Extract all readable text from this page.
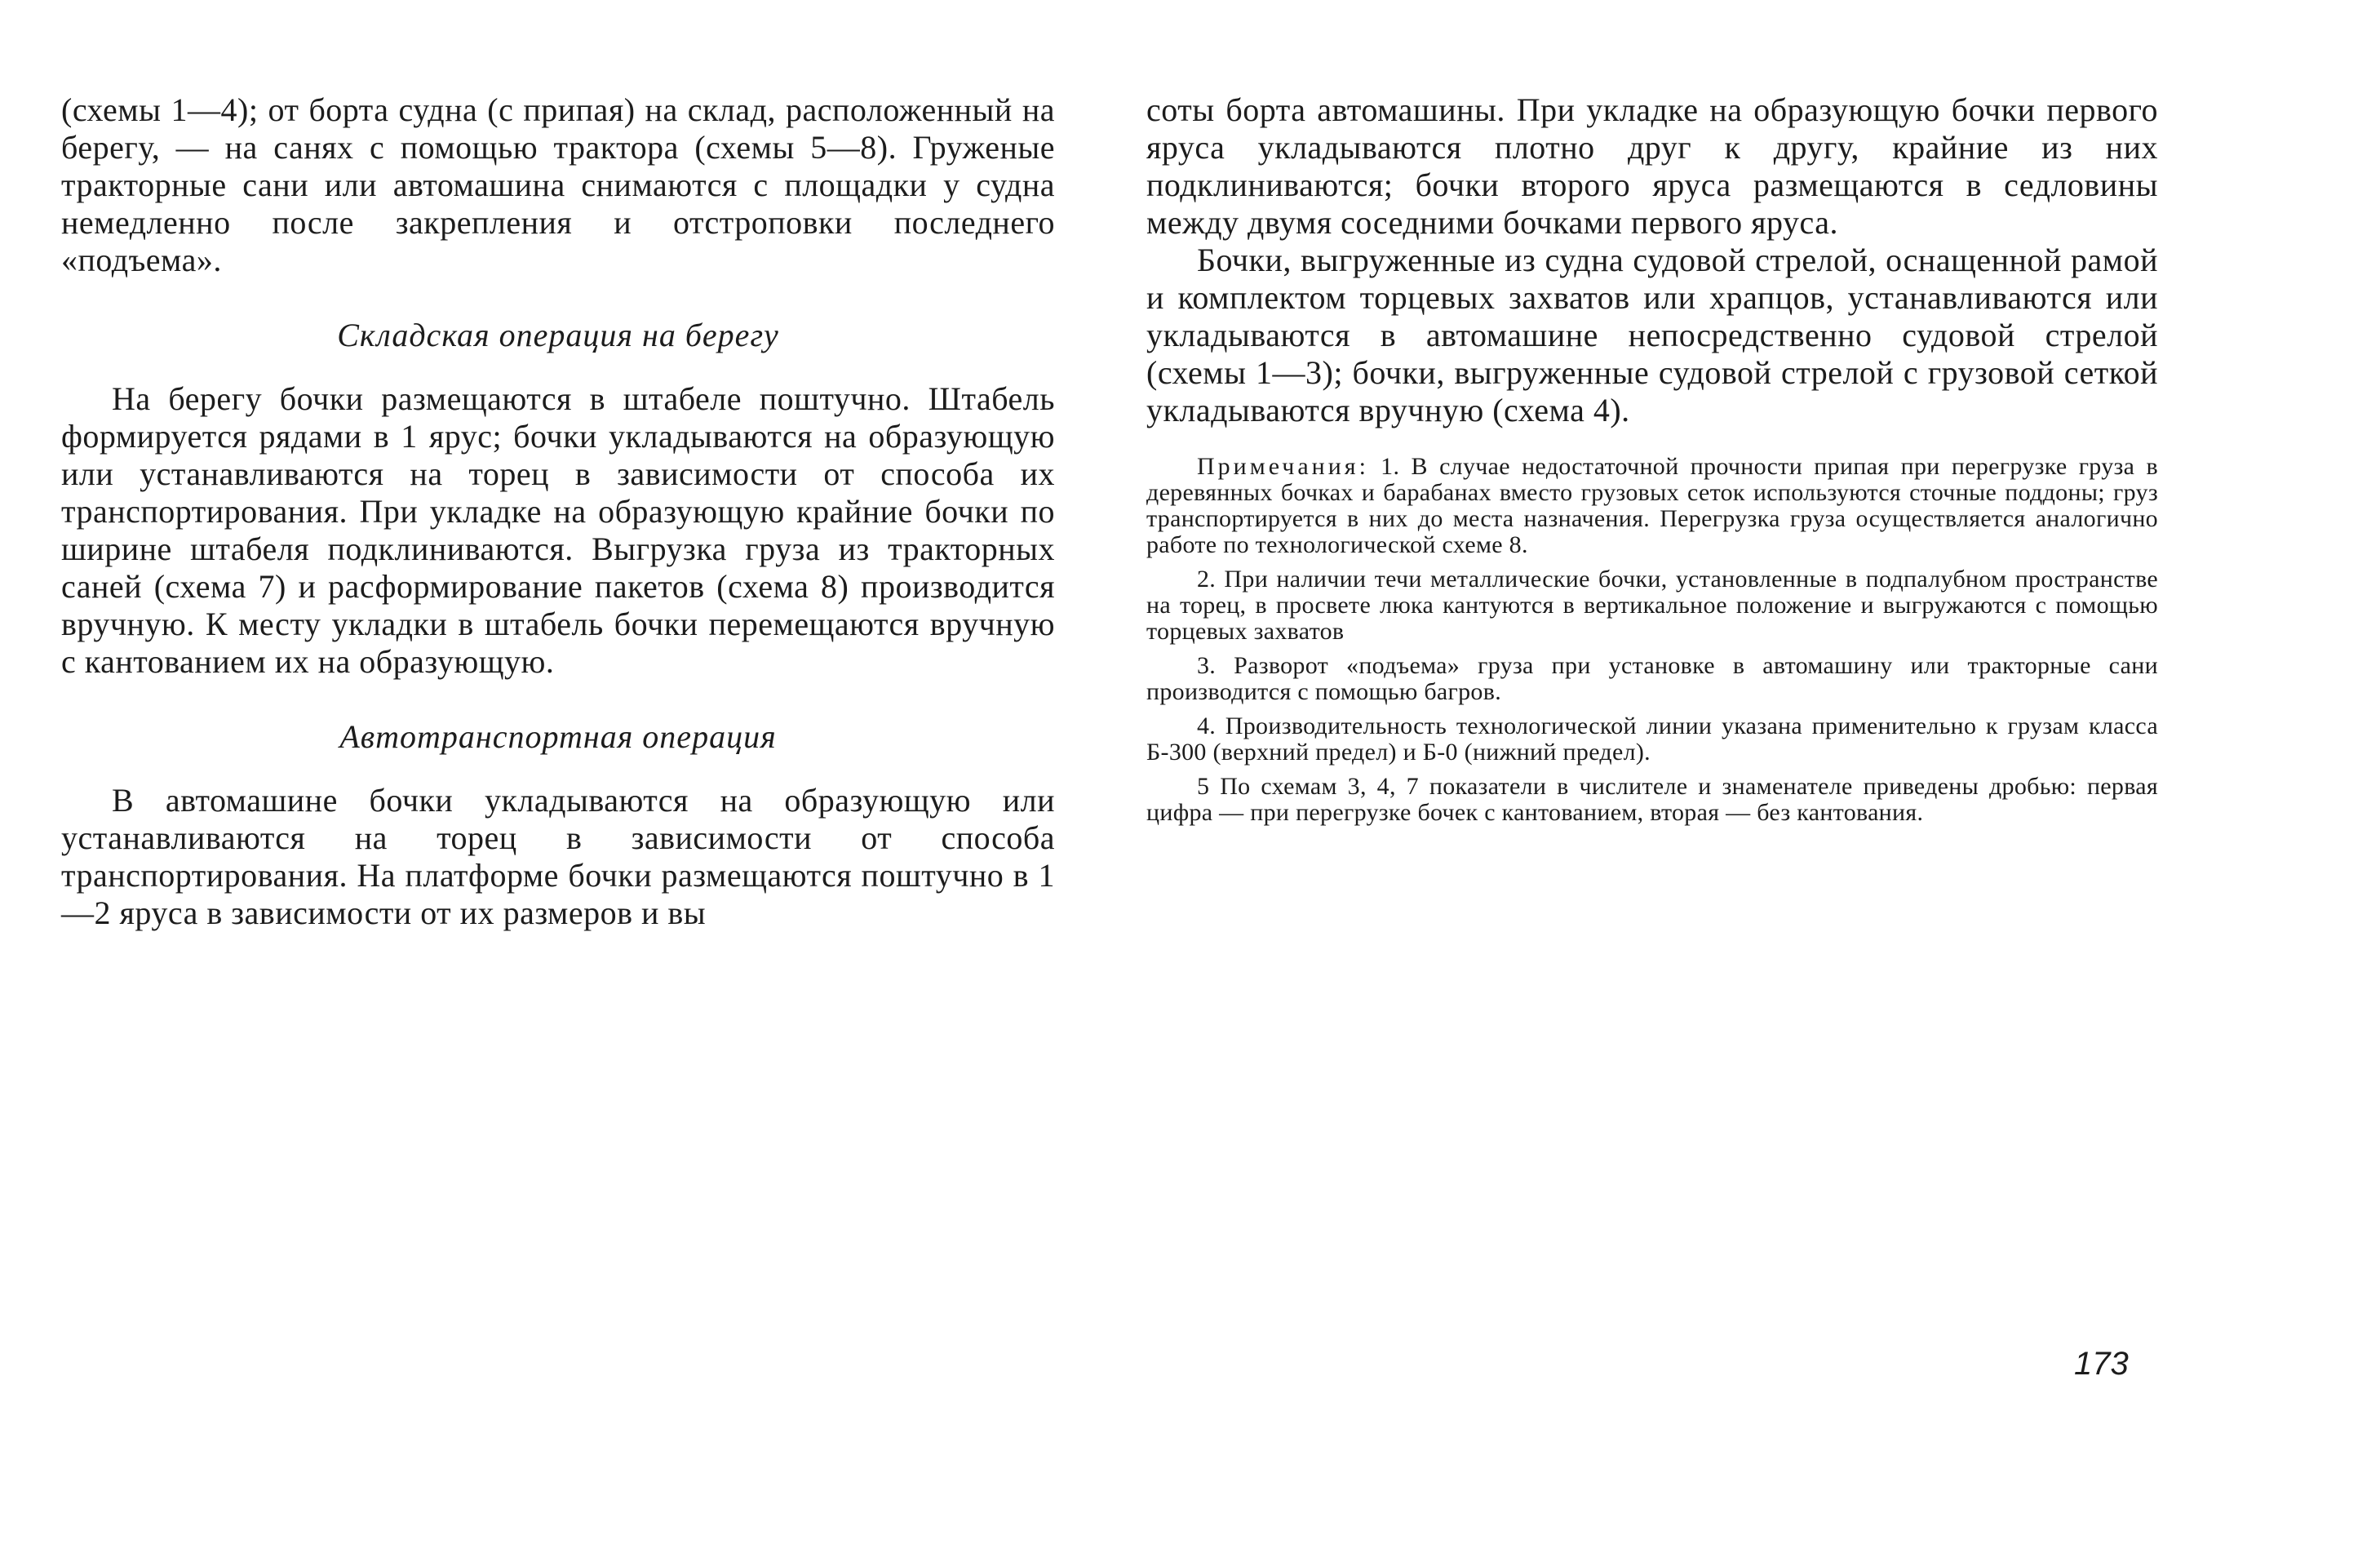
(схемы 1—4); от борта судна (с припая) на склад, расположенный на берегу, — на санях с помощью трактора (схемы 5—8). Груженые тракторные сани или автомашина снимаются с площадки у судна немедленно после закрепления и отстроповки последнего «подъема».

Складская операция на берегу

На берегу бочки размещаются в штабеле поштучно. Штабель формируется рядами в 1 ярус; бочки укладываются на образующую или устанавливаются на торец в зависимости от способа их транспортирования. При укладке на образующую крайние бочки по ширине штабеля подклиниваются. Выгрузка груза из тракторных саней (схема 7) и расформирование пакетов (схема 8) производится вручную. К месту укладки в штабель бочки перемещаются вручную с кантованием их на образующую.

Автотранспортная операция

В автомашине бочки укладываются на образующую или устанавливаются на торец в зависимости от способа транспортирования. На платформе бочки размещаются поштучно в 1—2 яруса в зависимости от их размеров и вы

соты борта автомашины. При укладке на образующую бочки первого яруса укладываются плотно друг к другу, крайние из них подклиниваются; бочки второго яруса размещаются в седловины между двумя соседними бочками первого яруса.

Бочки, выгруженные из судна судовой стрелой, оснащенной рамой и комплектом торцевых захватов или храпцов, устанавливаются или укладываются в автомашине непосредственно судовой стрелой (схемы 1—3); бочки, выгруженные судовой стрелой с грузовой сеткой укладываются вручную (схема 4).

Примечания: 1. В случае недостаточной прочности припая при перегрузке груза в деревянных бочках и барабанах вместо грузовых сеток используются сточные поддоны; груз транспортируется в них до места назначения. Перегрузка груза осуществляется аналогично работе по технологической схеме 8.

2. При наличии течи металлические бочки, установленные в подпалубном пространстве на торец, в просвете люка кантуются в вертикальное положение и выгружаются с помощью торцевых захватов

3. Разворот «подъема» груза при установке в автомашину или тракторные сани производится с помощью багров.

4. Производительность технологической линии указана применительно к грузам класса Б-300 (верхний предел) и Б-0 (нижний предел).

5 По схемам 3, 4, 7 показатели в числителе и знаменателе приведены дробью: первая цифра — при перегрузке бочек с кантованием, вторая — без кантования.

173
